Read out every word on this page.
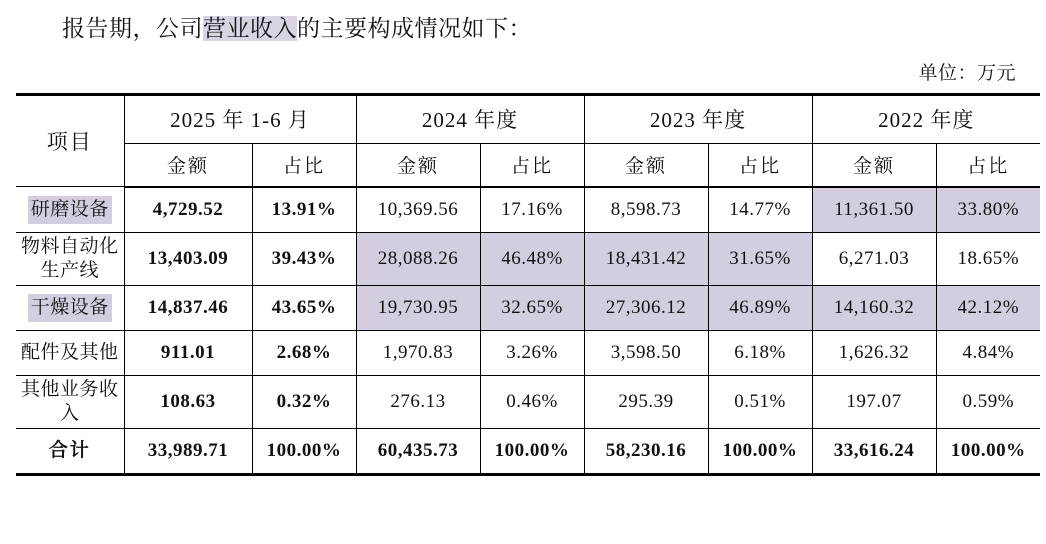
报告期，公司营业收入的主要构成情况如下：
单位：万元
项目	2025 年 1-6 月		2024 年度		2023 年度		2022 年度	
	金额	占比	金额	占比	金额	占比	金额	占比
研磨设备	4,729.52	13.91%	10,369.56	17.16%	8,598.73	14.77%	11,361.50	33.80%
物料自动化生产线	13,403.09	39.43%	28,088.26	46.48%	18,431.42	31.65%	6,271.03	18.65%
干燥设备	14,837.46	43.65%	19,730.95	32.65%	27,306.12	46.89%	14,160.32	42.12%
配件及其他	911.01	2.68%	1,970.83	3.26%	3,598.50	6.18%	1,626.32	4.84%
其他业务收入	108.63	0.32%	276.13	0.46%	295.39	0.51%	197.07	0.59%
合计	33,989.71	100.00%	60,435.73	100.00%	58,230.16	100.00%	33,616.24	100.00%
